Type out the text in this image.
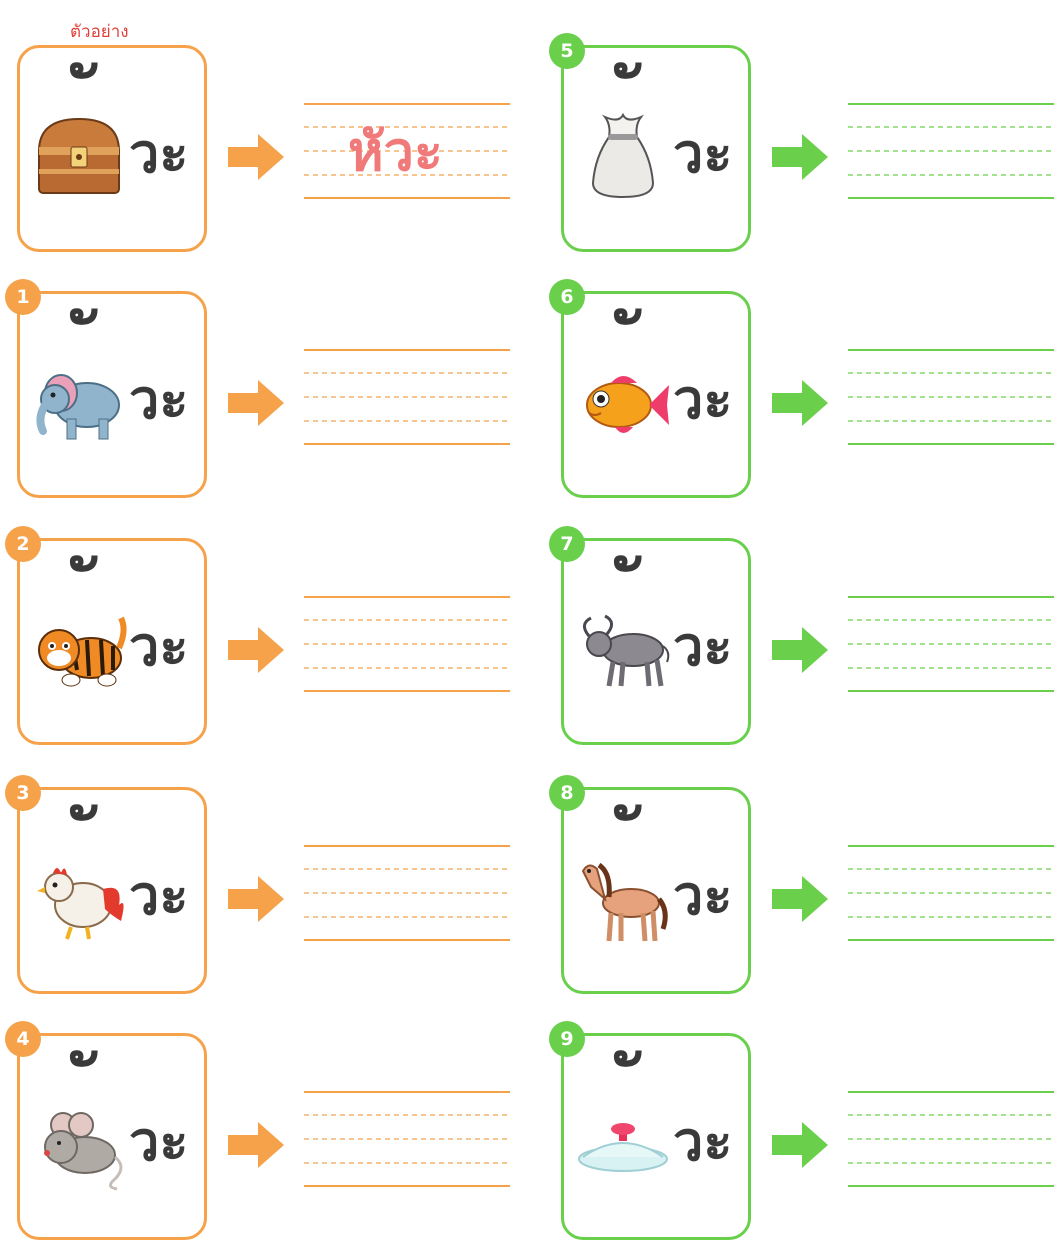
ตัวอย่าง
วะ	หัวะ
1
วะ
2
วะ
3
วะ
4
วะ
5
วะ
6
วะ
7
วะ
8
วะ
9
วะ
